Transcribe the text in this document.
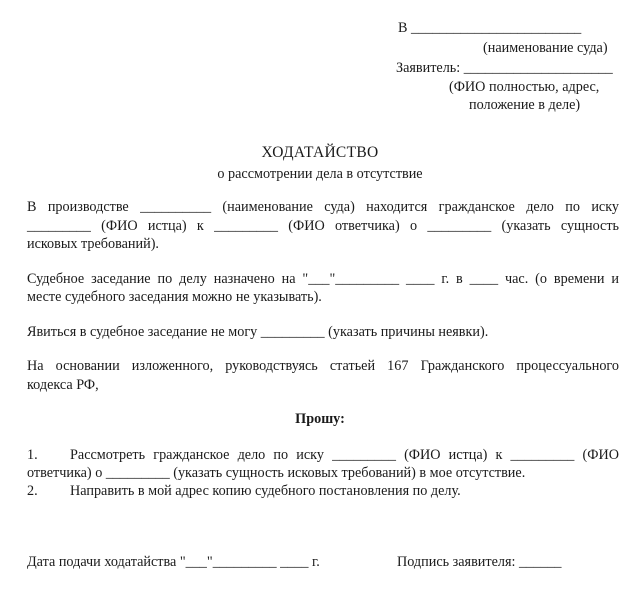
В ________________________
(наименование суда)
Заявитель: _____________________
(ФИО полностью, адрес,
положение в деле)
ХОДАТАЙСТВО
о рассмотрении дела в отсутствие
В производстве __________ (наименование суда) находится гражданское дело по иску
_________ (ФИО истца) к _________ (ФИО ответчика) о _________ (указать сущность
исковых требований).
Судебное заседание по делу назначено на "___"_________ ____ г. в ____ час. (о времени и
месте судебного заседания можно не указывать).
Явиться в судебное заседание не могу _________ (указать причины неявки).
На основании изложенного, руководствуясь статьей 167 Гражданского процессуального
кодекса РФ,
Прошу:
1. Рассмотреть гражданское дело по иску _________ (ФИО истца) к _________ (ФИО
ответчика) о _________ (указать сущность исковых требований) в мое отсутствие.
2. Направить в мой адрес копию судебного постановления по делу.
Дата подачи ходатайства "___"_________ ____ г.	Подпись заявителя: ______
